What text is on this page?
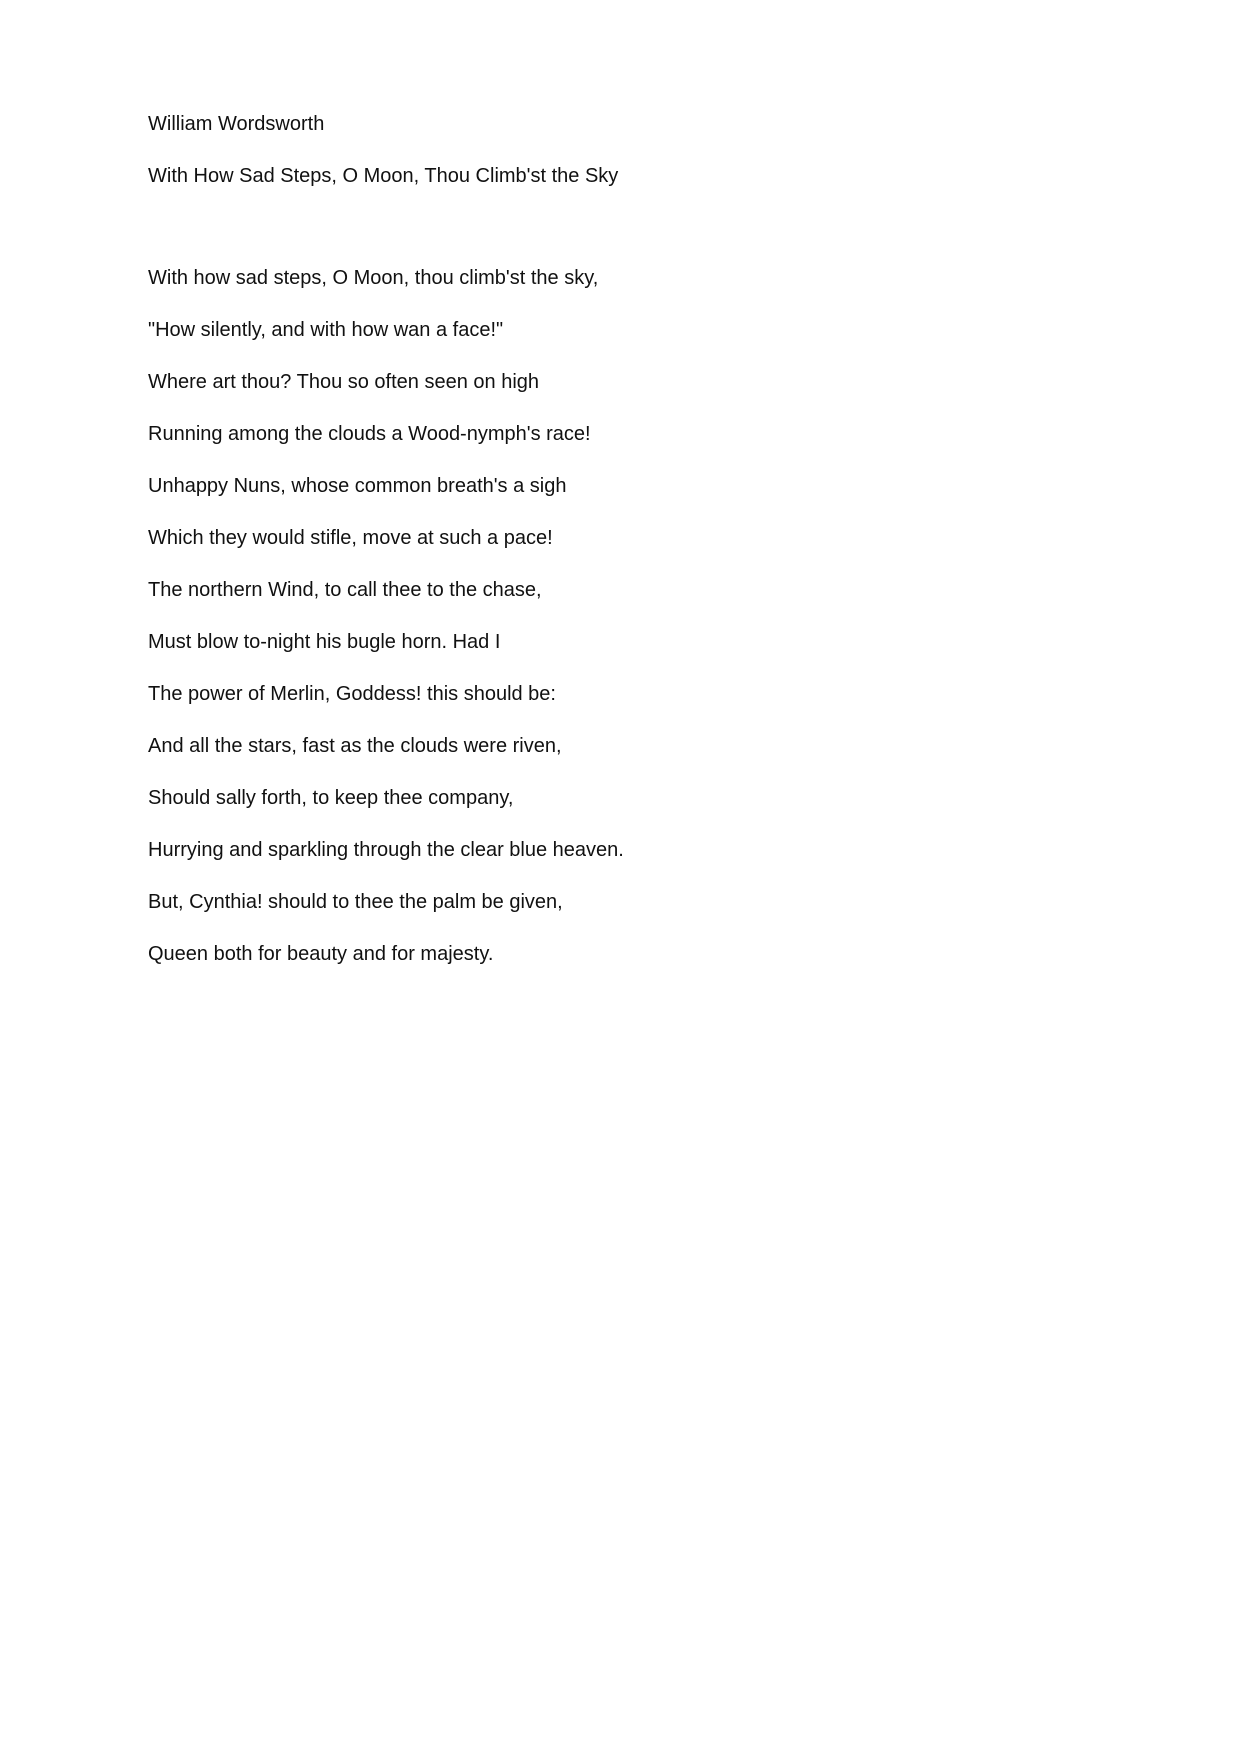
William Wordsworth

With How Sad Steps, O Moon, Thou Climb'st the Sky

With how sad steps, O Moon, thou climb'st the sky,

"How silently, and with how wan a face!"

Where art thou? Thou so often seen on high

Running among the clouds a Wood-nymph's race!

Unhappy Nuns, whose common breath's a sigh

Which they would stifle, move at such a pace!

The northern Wind, to call thee to the chase,

Must blow to-night his bugle horn. Had I

The power of Merlin, Goddess! this should be:

And all the stars, fast as the clouds were riven,

Should sally forth, to keep thee company,

Hurrying and sparkling through the clear blue heaven.

But, Cynthia! should to thee the palm be given,

Queen both for beauty and for majesty.
